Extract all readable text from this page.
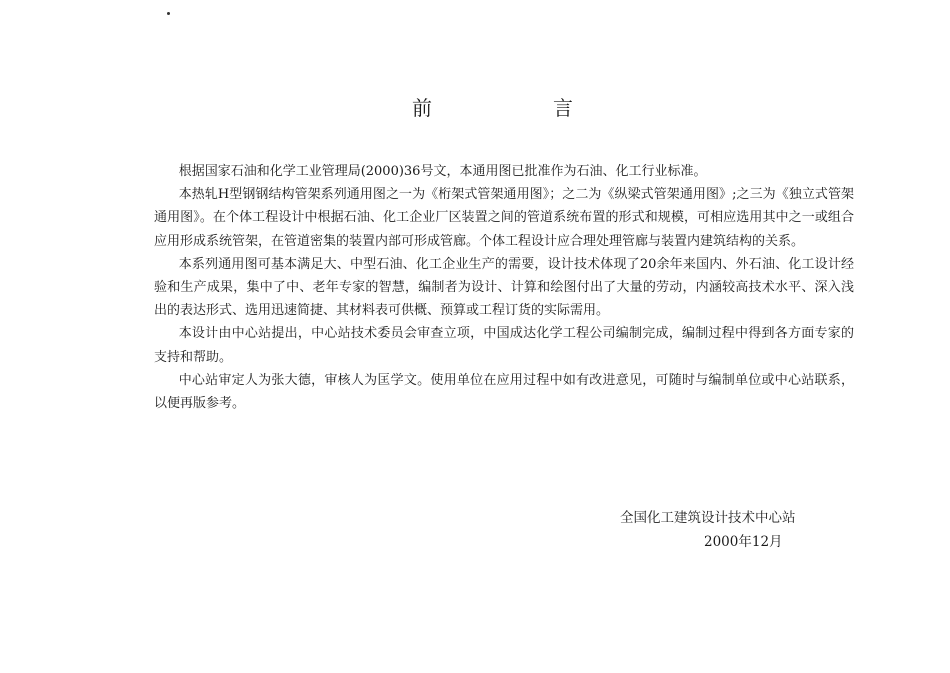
前	言

根据国家石油和化学工业管理局(2000)36号文，本通用图已批准作为石油、化工行业标准。

本热轧H型钢钢结构管架系列通用图之一为《桁架式管架通用图》；之二为《纵梁式管架通用图》;之三为《独立式管架通用图》。在个体工程设计中根据石油、化工企业厂区装置之间的管道系统布置的形式和规模，可相应选用其中之一或组合应用形成系统管架，在管道密集的装置内部可形成管廊。个体工程设计应合理处理管廊与装置内建筑结构的关系。

本系列通用图可基本满足大、中型石油、化工企业生产的需要，设计技术体现了20余年来国内、外石油、化工设计经验和生产成果，集中了中、老年专家的智慧，编制者为设计、计算和绘图付出了大量的劳动，内涵较高技术水平、深入浅出的表达形式、选用迅速简捷、其材料表可供概、预算或工程订货的实际需用。

本设计由中心站提出，中心站技术委员会审查立项，中国成达化学工程公司编制完成，编制过程中得到各方面专家的支持和帮助。

中心站审定人为张大德，审核人为匡学文。使用单位在应用过程中如有改进意见，可随时与编制单位或中心站联系，以便再版参考。

全国化工建筑设计技术中心站
2000年12月
